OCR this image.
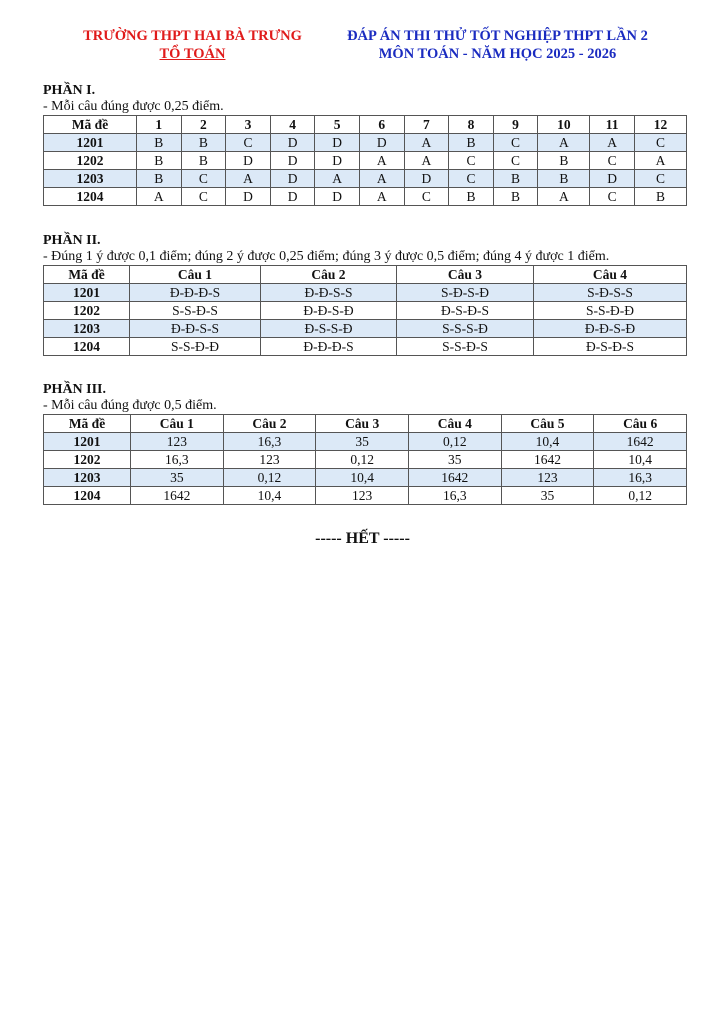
TRƯỜNG THPT HAI BÀ TRƯNG
TỔ TOÁN
ĐÁP ÁN THI THỬ TỐT NGHIỆP THPT LẦN 2
MÔN TOÁN - NĂM HỌC 2025 - 2026
PHẦN I.
- Mỗi câu đúng được 0,25 điểm.
Mã đề	1	2	3	4	5	6	7	8	9	10	11	12
1201	B	B	C	D	D	D	A	B	C	A	A	C
1202	B	B	D	D	D	A	A	C	C	B	C	A
1203	B	C	A	D	A	A	D	C	B	B	D	C
1204	A	C	D	D	D	A	C	B	B	A	C	B
PHẦN II.
- Đúng 1 ý được 0,1 điểm; đúng 2 ý được 0,25 điểm; đúng 3 ý được 0,5 điểm; đúng 4 ý được 1 điểm.
Mã đề	Câu 1	Câu 2	Câu 3	Câu 4
1201	Đ-Đ-Đ-S	Đ-Đ-S-S	S-Đ-S-Đ	S-Đ-S-S
1202	S-S-Đ-S	Đ-Đ-S-Đ	Đ-S-Đ-S	S-S-Đ-Đ
1203	Đ-Đ-S-S	Đ-S-S-Đ	S-S-S-Đ	Đ-Đ-S-Đ
1204	S-S-Đ-Đ	Đ-Đ-Đ-S	S-S-Đ-S	Đ-S-Đ-S
PHẦN III.
- Mỗi câu đúng được 0,5 điểm.
Mã đề	Câu 1	Câu 2	Câu 3	Câu 4	Câu 5	Câu 6
1201	123	16,3	35	0,12	10,4	1642
1202	16,3	123	0,12	35	1642	10,4
1203	35	0,12	10,4	1642	123	16,3
1204	1642	10,4	123	16,3	35	0,12
----- HẾT -----
